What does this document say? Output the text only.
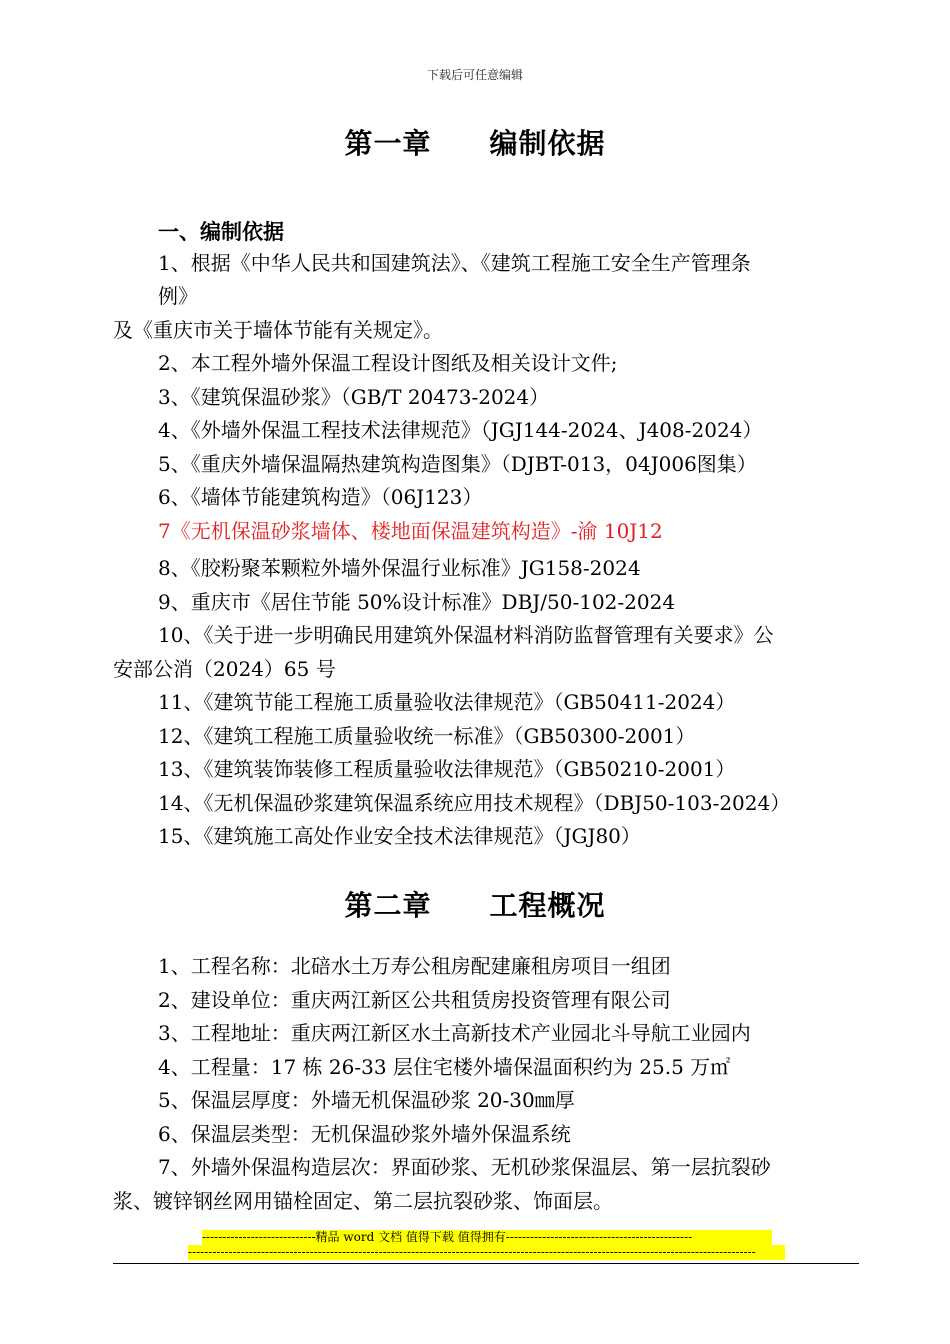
下载后可任意编辑
第一章　　编制依据
一、编制依据
1、根据《中华人民共和国建筑法》、《建筑工程施工安全生产管理条
例》
及《重庆市关于墙体节能有关规定》。
2、本工程外墙外保温工程设计图纸及相关设计文件;
3、《建筑保温砂浆》（GB/T 20473-2024）
4、《外墙外保温工程技术法律规范》（JGJ144-2024、J408-2024）
5、《重庆外墙保温隔热建筑构造图集》（DJBT-013，04J006图集）
6、《墙体节能建筑构造》（06J123）
7《无机保温砂浆墙体、楼地面保温建筑构造》-渝 10J12
8、《胶粉聚苯颗粒外墙外保温行业标准》JG158-2024
9、重庆市《居住节能 50%设计标准》DBJ/50-102-2024
10、《关于进一步明确民用建筑外保温材料消防监督管理有关要求》公
安部公消（2024）65 号
11、《建筑节能工程施工质量验收法律规范》（GB50411-2024）
12、《建筑工程施工质量验收统一标准》（GB50300-2001）
13、《建筑装饰装修工程质量验收法律规范》（GB50210-2001）
14、《无机保温砂浆建筑保温系统应用技术规程》（DBJ50-103-2024）
15、《建筑施工高处作业安全技术法律规范》（JGJ80）
第二章　　工程概况
1、工程名称：北碚水土万寿公租房配建廉租房项目一组团
2、建设单位：重庆两江新区公共租赁房投资管理有限公司
3、工程地址：重庆两江新区水土高新技术产业园北斗导航工业园内
4、工程量：17 栋 26-33 层住宅楼外墙保温面积约为 25.5 万㎡
5、保温层厚度：外墙无机保温砂浆 20-30㎜厚
6、保温层类型：无机保温砂浆外墙外保温系统
7、外墙外保温构造层次：界面砂浆、无机砂浆保温层、第一层抗裂砂
浆、镀锌钢丝网用锚栓固定、第二层抗裂砂浆、饰面层。
----------------------------精品 word 文档 值得下载 值得拥有----------------------------------------------
--------------------------------------------------------------------------------------------------------------------------------------------
